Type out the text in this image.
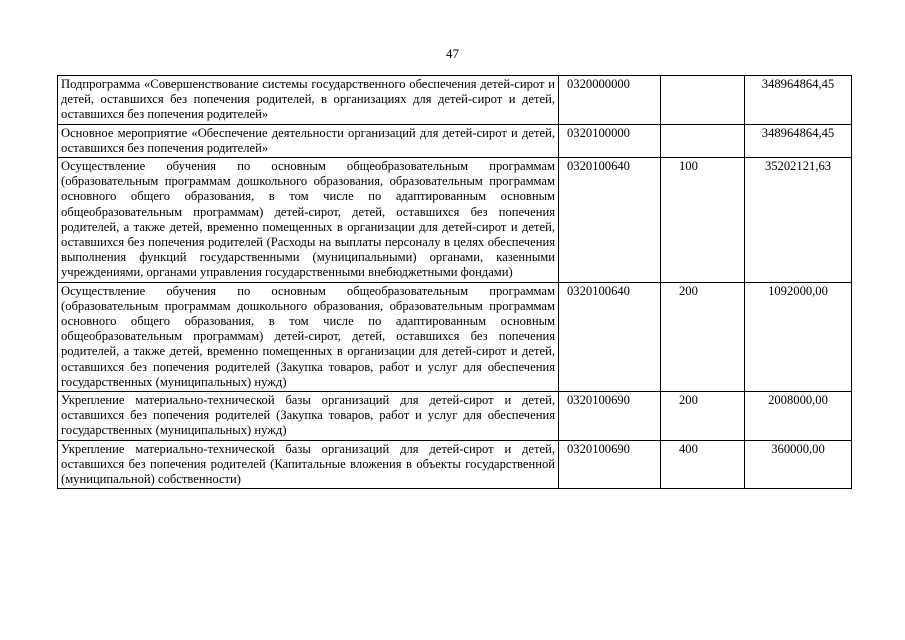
47
Подпрограмма «Совершенствование системы государственного обеспечения детей-сирот и детей, оставшихся без попечения родителей, в организациях для детей-сирот и детей, оставшихся без попечения родителей»	0320000000		348964864,45
Основное мероприятие «Обеспечение деятельности организаций для детей-сирот и детей, оставшихся без попечения родителей»	0320100000		348964864,45
Осуществление обучения по основным общеобразовательным программам (образовательным программам дошкольного образования, образовательным программам основного общего образования, в том числе по адаптированным основным общеобразовательным программам) детей-сирот, детей, оставшихся без попечения родителей, а также детей, временно помещенных в организации для детей-сирот и детей, оставшихся без попечения родителей (Расходы на выплаты персоналу в целях обеспечения выполнения функций государственными (муниципальными) органами, казенными учреждениями, органами управления государственными внебюджетными фондами)	0320100640	100	35202121,63
Осуществление обучения по основным общеобразовательным программам (образовательным программам дошкольного образования, образовательным программам основного общего образования, в том числе по адаптированным основным общеобразовательным программам) детей-сирот, детей, оставшихся без попечения родителей, а также детей, временно помещенных в организации для детей-сирот и детей, оставшихся без попечения родителей (Закупка товаров, работ и услуг для обеспечения государственных (муниципальных) нужд)	0320100640	200	1092000,00
Укрепление материально-технической базы организаций для детей-сирот и детей, оставшихся без попечения родителей (Закупка товаров, работ и услуг для обеспечения государственных (муниципальных) нужд)	0320100690	200	2008000,00
Укрепление материально-технической базы организаций для детей-сирот и детей, оставшихся без попечения родителей (Капитальные вложения в объекты государственной (муниципальной) собственности)	0320100690	400	360000,00
